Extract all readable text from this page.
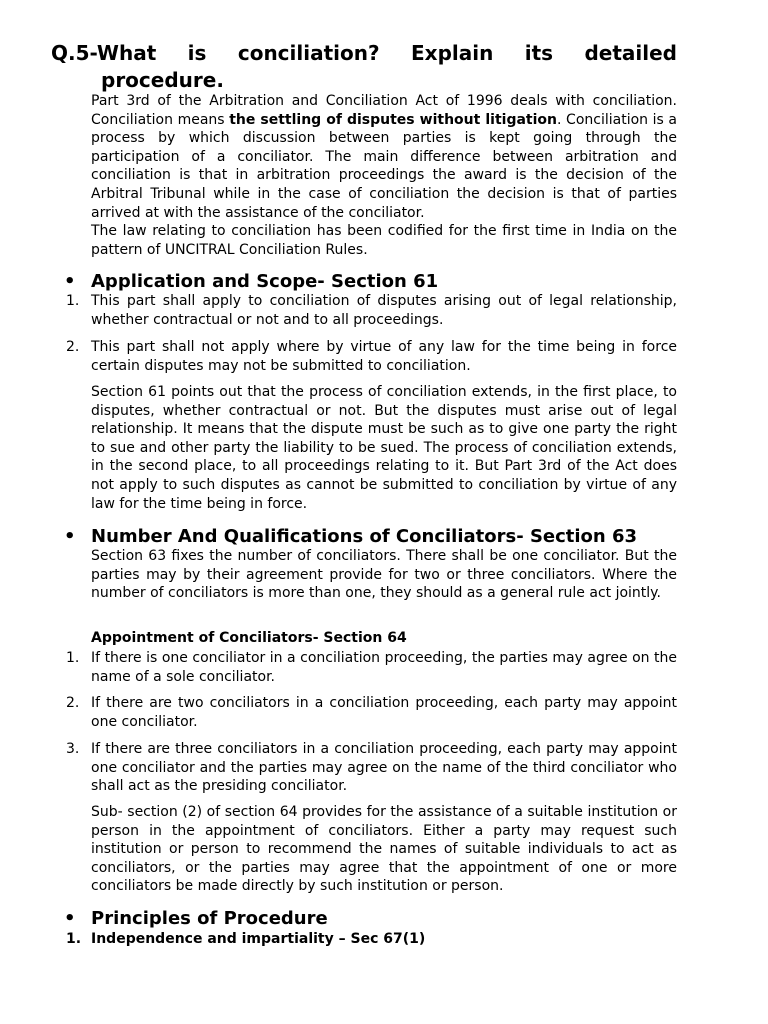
Q.5-What is conciliation? Explain its detailed
procedure.
Part 3rd of the Arbitration and Conciliation Act of 1996 deals with conciliation. Conciliation means the settling of disputes without litigation. Conciliation is a process by which discussion between parties is kept going through the participation of a conciliator. The main difference between arbitration and conciliation is that in arbitration proceedings the award is the decision of the Arbitral Tribunal while in the case of conciliation the decision is that of parties arrived at with the assistance of the conciliator.
The law relating to conciliation has been codified for the first time in India on the pattern of UNCITRAL Conciliation Rules.
• Application and Scope- Section 61
1. This part shall apply to conciliation of disputes arising out of legal relationship, whether contractual or not and to all proceedings.
2. This part shall not apply where by virtue of any law for the time being in force certain disputes may not be submitted to conciliation.
Section 61 points out that the process of conciliation extends, in the first place, to disputes, whether contractual or not. But the disputes must arise out of legal relationship. It means that the dispute must be such as to give one party the right to sue and other party the liability to be sued. The process of conciliation extends, in the second place, to all proceedings relating to it. But Part 3rd of the Act does not apply to such disputes as cannot be submitted to conciliation by virtue of any law for the time being in force.
• Number And Qualifications of Conciliators- Section 63
Section 63 fixes the number of conciliators. There shall be one conciliator. But the parties may by their agreement provide for two or three conciliators. Where the number of conciliators is more than one, they should as a general rule act jointly.
Appointment of Conciliators- Section 64
1. If there is one conciliator in a conciliation proceeding, the parties may agree on the name of a sole conciliator.
2. If there are two conciliators in a conciliation proceeding, each party may appoint one conciliator.
3. If there are three conciliators in a conciliation proceeding, each party may appoint one conciliator and the parties may agree on the name of the third conciliator who shall act as the presiding conciliator.
Sub- section (2) of section 64 provides for the assistance of a suitable institution or person in the appointment of conciliators. Either a party may request such institution or person to recommend the names of suitable individuals to act as conciliators, or the parties may agree that the appointment of one or more conciliators be made directly by such institution or person.
• Principles of Procedure
1. Independence and impartiality – Sec 67(1)
